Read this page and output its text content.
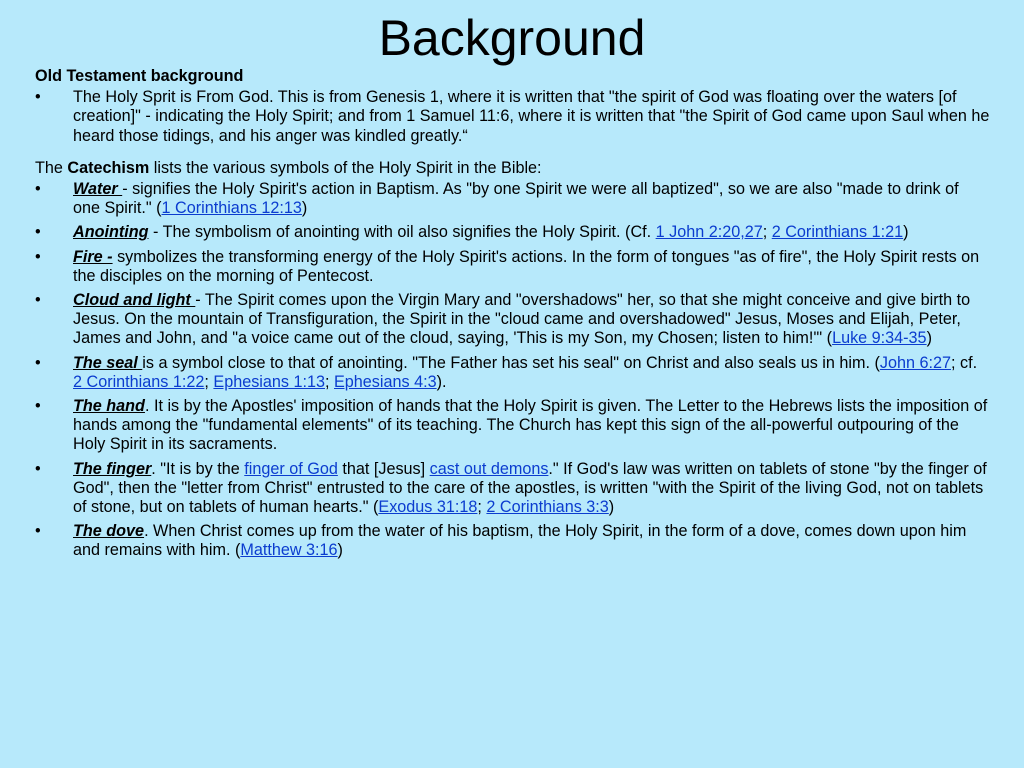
Background

Old Testament background

• The Holy Sprit is From God. This is from Genesis 1, where it is written that "the spirit of God was floating over the waters [of creation]" - indicating the Holy Spirit; and from 1 Samuel 11:6, where it is written that "the Spirit of God came upon Saul when he heard those tidings, and his anger was kindled greatly.“

The Catechism lists the various symbols of the Holy Spirit in the Bible:

• Water - signifies the Holy Spirit's action in Baptism. As "by one Spirit we were all baptized", so we are also "made to drink of one Spirit." (1 Corinthians 12:13)
• Anointing - The symbolism of anointing with oil also signifies the Holy Spirit. (Cf. 1 John 2:20,27; 2 Corinthians 1:21)
• Fire - symbolizes the transforming energy of the Holy Spirit's actions. In the form of tongues "as of fire", the Holy Spirit rests on the disciples on the morning of Pentecost.
• Cloud and light - The Spirit comes upon the Virgin Mary and "overshadows" her, so that she might conceive and give birth to Jesus. On the mountain of Transfiguration, the Spirit in the "cloud came and overshadowed" Jesus, Moses and Elijah, Peter, James and John, and "a voice came out of the cloud, saying, 'This is my Son, my Chosen; listen to him!'" (Luke 9:34-35)
• The seal is a symbol close to that of anointing. "The Father has set his seal" on Christ and also seals us in him. (John 6:27; cf. 2 Corinthians 1:22; Ephesians 1:13; Ephesians 4:3).
• The hand. It is by the Apostles' imposition of hands that the Holy Spirit is given. The Letter to the Hebrews lists the imposition of hands among the "fundamental elements" of its teaching. The Church has kept this sign of the all-powerful outpouring of the Holy Spirit in its sacraments.
• The finger. "It is by the finger of God that [Jesus] cast out demons." If God's law was written on tablets of stone "by the finger of God", then the "letter from Christ" entrusted to the care of the apostles, is written "with the Spirit of the living God, not on tablets of stone, but on tablets of human hearts." (Exodus 31:18; 2 Corinthians 3:3)
• The dove. When Christ comes up from the water of his baptism, the Holy Spirit, in the form of a dove, comes down upon him and remains with him. (Matthew 3:16)
